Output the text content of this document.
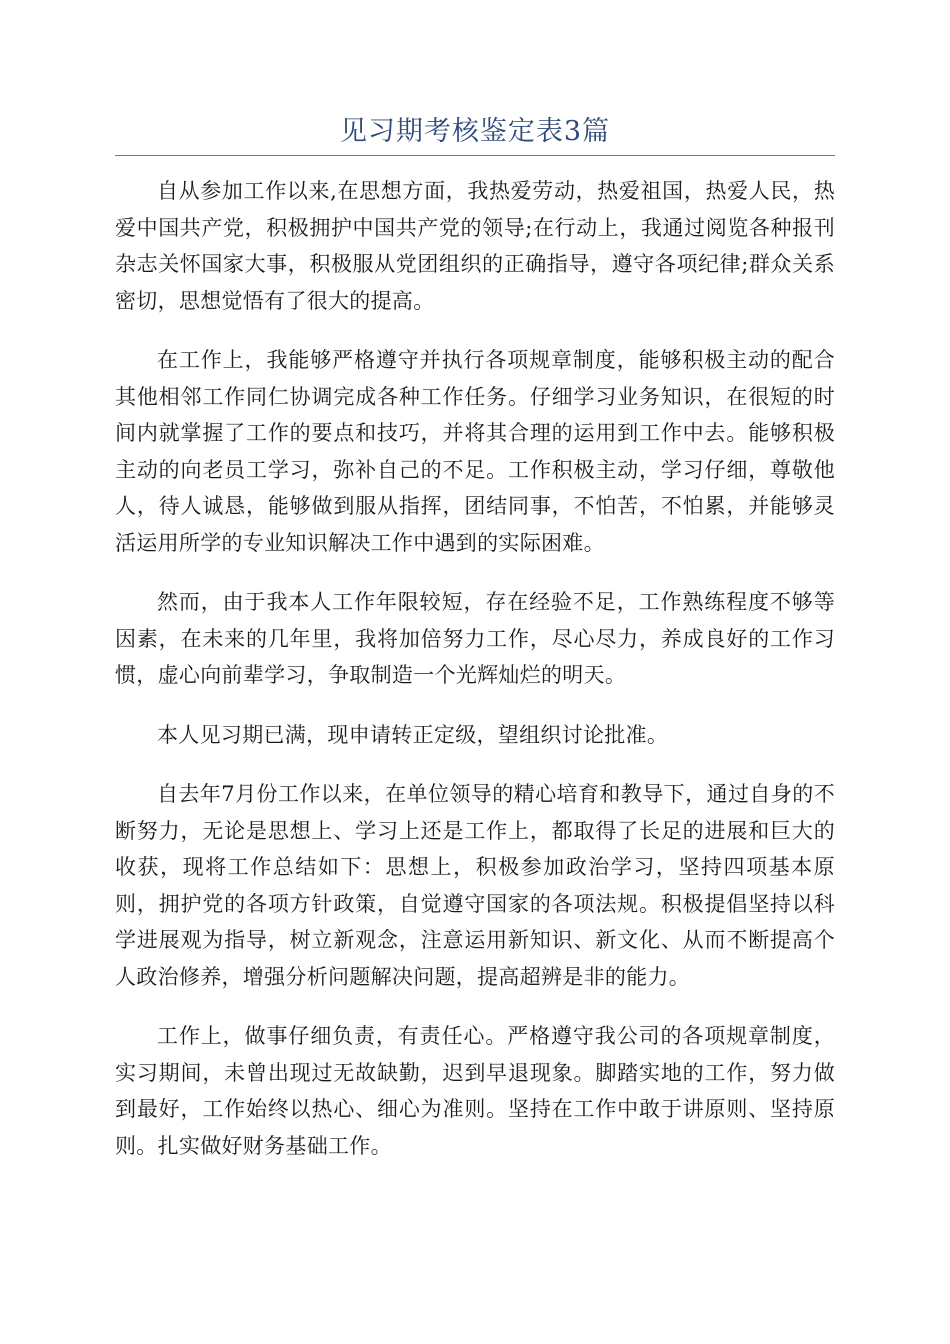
见习期考核鉴定表3篇

自从参加工作以来,在思想方面，我热爱劳动，热爱祖国，热爱人民，热爱中国共产党，积极拥护中国共产党的领导;在行动上，我通过阅览各种报刊杂志关怀国家大事，积极服从党团组织的正确指导，遵守各项纪律;群众关系密切，思想觉悟有了很大的提高。

在工作上，我能够严格遵守并执行各项规章制度，能够积极主动的配合其他相邻工作同仁协调完成各种工作任务。仔细学习业务知识，在很短的时间内就掌握了工作的要点和技巧，并将其合理的运用到工作中去。能够积极主动的向老员工学习，弥补自己的不足。工作积极主动，学习仔细，尊敬他人，待人诚恳，能够做到服从指挥，团结同事，不怕苦，不怕累，并能够灵活运用所学的专业知识解决工作中遇到的实际困难。

然而，由于我本人工作年限较短，存在经验不足，工作熟练程度不够等因素，在未来的几年里，我将加倍努力工作，尽心尽力，养成良好的工作习惯，虚心向前辈学习，争取制造一个光辉灿烂的明天。

本人见习期已满，现申请转正定级，望组织讨论批准。

自去年7月份工作以来，在单位领导的精心培育和教导下，通过自身的不断努力，无论是思想上、学习上还是工作上，都取得了长足的进展和巨大的收获，现将工作总结如下：思想上，积极参加政治学习，坚持四项基本原则，拥护党的各项方针政策，自觉遵守国家的各项法规。积极提倡坚持以科学进展观为指导，树立新观念，注意运用新知识、新文化、从而不断提高个人政治修养，增强分析问题解决问题，提高超辨是非的能力。

工作上，做事仔细负责，有责任心。严格遵守我公司的各项规章制度，实习期间，未曾出现过无故缺勤，迟到早退现象。脚踏实地的工作，努力做到最好，工作始终以热心、细心为准则。坚持在工作中敢于讲原则、坚持原则。扎实做好财务基础工作。
